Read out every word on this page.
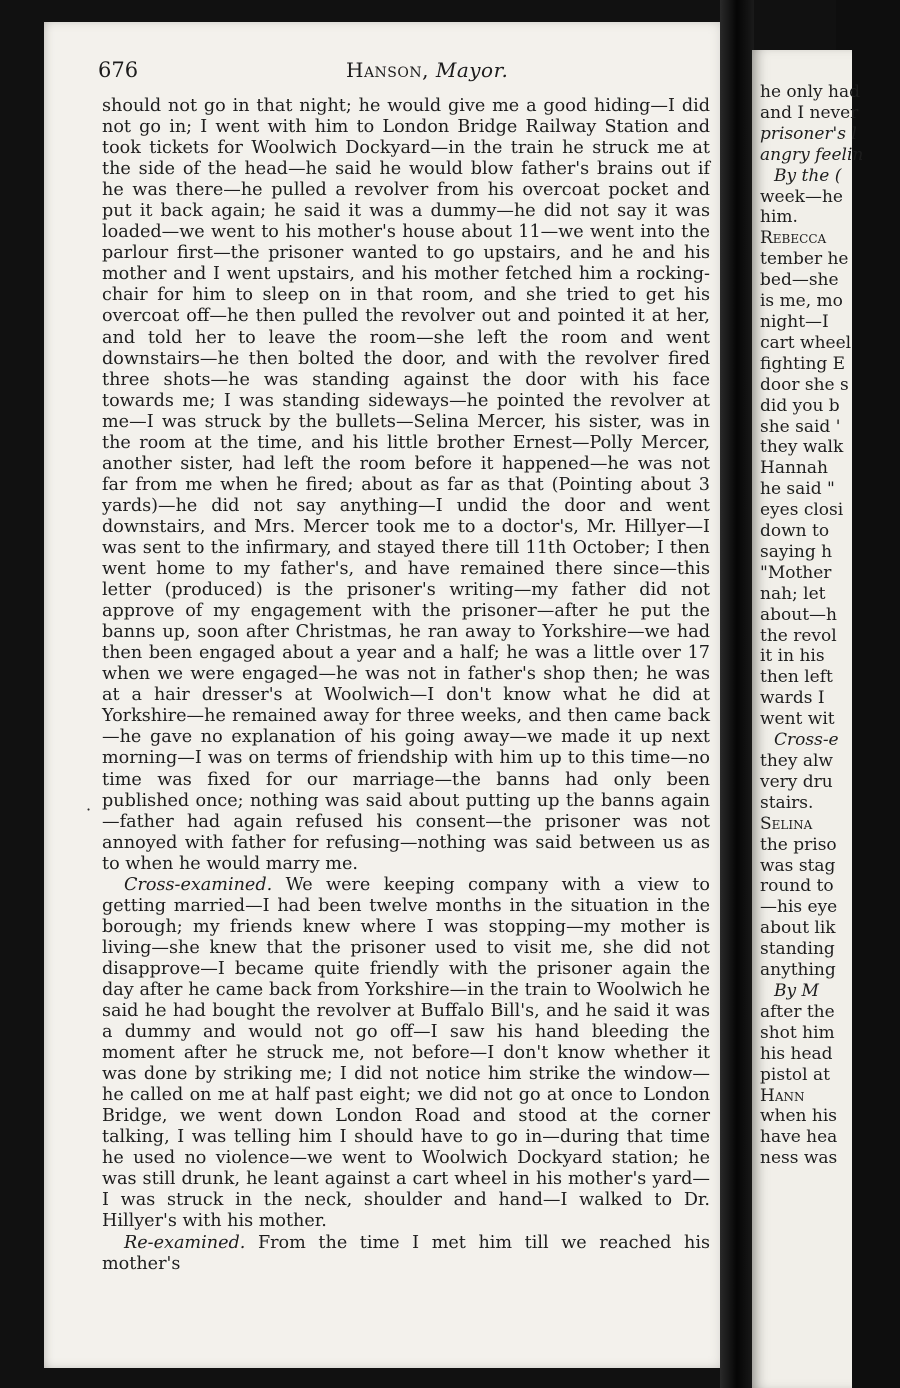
he only had
and I never
prisoner's l
angry feelin
By the (
week—he
him.
Rebecca
tember he
bed—she
is me, mo
night—I
cart wheel
fighting E
door she s
did you b
she said '
they walk
Hannah
he said "
eyes closi
down to
saying h
"Mother
nah; let
about—h
the revol
it in his
then left
wards I
went wit
Cross-e
they alw
very dru
stairs.
Selina
the priso
was stag
round to
—his eye
about lik
standing
anything
By M
after the
shot him
his head
pistol at
Hann
when his
have hea
ness was
676	Hanson, Mayor.
·

should not go in that night; he would give me a good hiding—I did not go in; I went with him to London Bridge Railway Station and took tickets for Woolwich Dockyard—in the train he struck me at the side of the head—he said he would blow father's brains out if he was there—he pulled a revolver from his overcoat pocket and put it back again; he said it was a dummy—he did not say it was loaded—we went to his mother's house about 11—we went into the parlour first—the prisoner wanted to go upstairs, and he and his mother and I went upstairs, and his mother fetched him a rocking-chair for him to sleep on in that room, and she tried to get his overcoat off—he then pulled the revolver out and pointed it at her, and told her to leave the room—she left the room and went downstairs—he then bolted the door, and with the revolver fired three shots—he was standing against the door with his face towards me; I was standing sideways—he pointed the revolver at me—I was struck by the bullets—Selina Mercer, his sister, was in the room at the time, and his little brother Ernest—Polly Mercer, another sister, had left the room before it happened—he was not far from me when he fired; about as far as that (Pointing about 3 yards)—he did not say anything—I undid the door and went downstairs, and Mrs. Mercer took me to a doctor's, Mr. Hillyer—I was sent to the infirmary, and stayed there till 11th October; I then went home to my father's, and have remained there since—this letter (produced) is the prisoner's writing—my father did not approve of my engagement with the prisoner—after he put the banns up, soon after Christmas, he ran away to Yorkshire—we had then been engaged about a year and a half; he was a little over 17 when we were engaged—he was not in father's shop then; he was at a hair dresser's at Woolwich—I don't know what he did at Yorkshire—he remained away for three weeks, and then came back—he gave no explanation of his going away—we made it up next morning—I was on terms of friendship with him up to this time—no time was fixed for our marriage—the banns had only been published once; nothing was said about putting up the banns again—father had again refused his consent—the prisoner was not annoyed with father for refusing—nothing was said between us as to when he would marry me.

Cross-examined. We were keeping company with a view to getting married—I had been twelve months in the situation in the borough; my friends knew where I was stopping—my mother is living—she knew that the prisoner used to visit me, she did not disapprove—I became quite friendly with the prisoner again the day after he came back from Yorkshire—in the train to Woolwich he said he had bought the revolver at Buffalo Bill's, and he said it was a dummy and would not go off—I saw his hand bleeding the moment after he struck me, not before—I don't know whether it was done by striking me; I did not notice him strike the window—he called on me at half past eight; we did not go at once to London Bridge, we went down London Road and stood at the corner talking, I was telling him I should have to go in—during that time he used no violence—we went to Woolwich Dockyard station; he was still drunk, he leant against a cart wheel in his mother's yard—I was struck in the neck, shoulder and hand—I walked to Dr. Hillyer's with his mother.

Re-examined. From the time I met him till we reached his mother's
